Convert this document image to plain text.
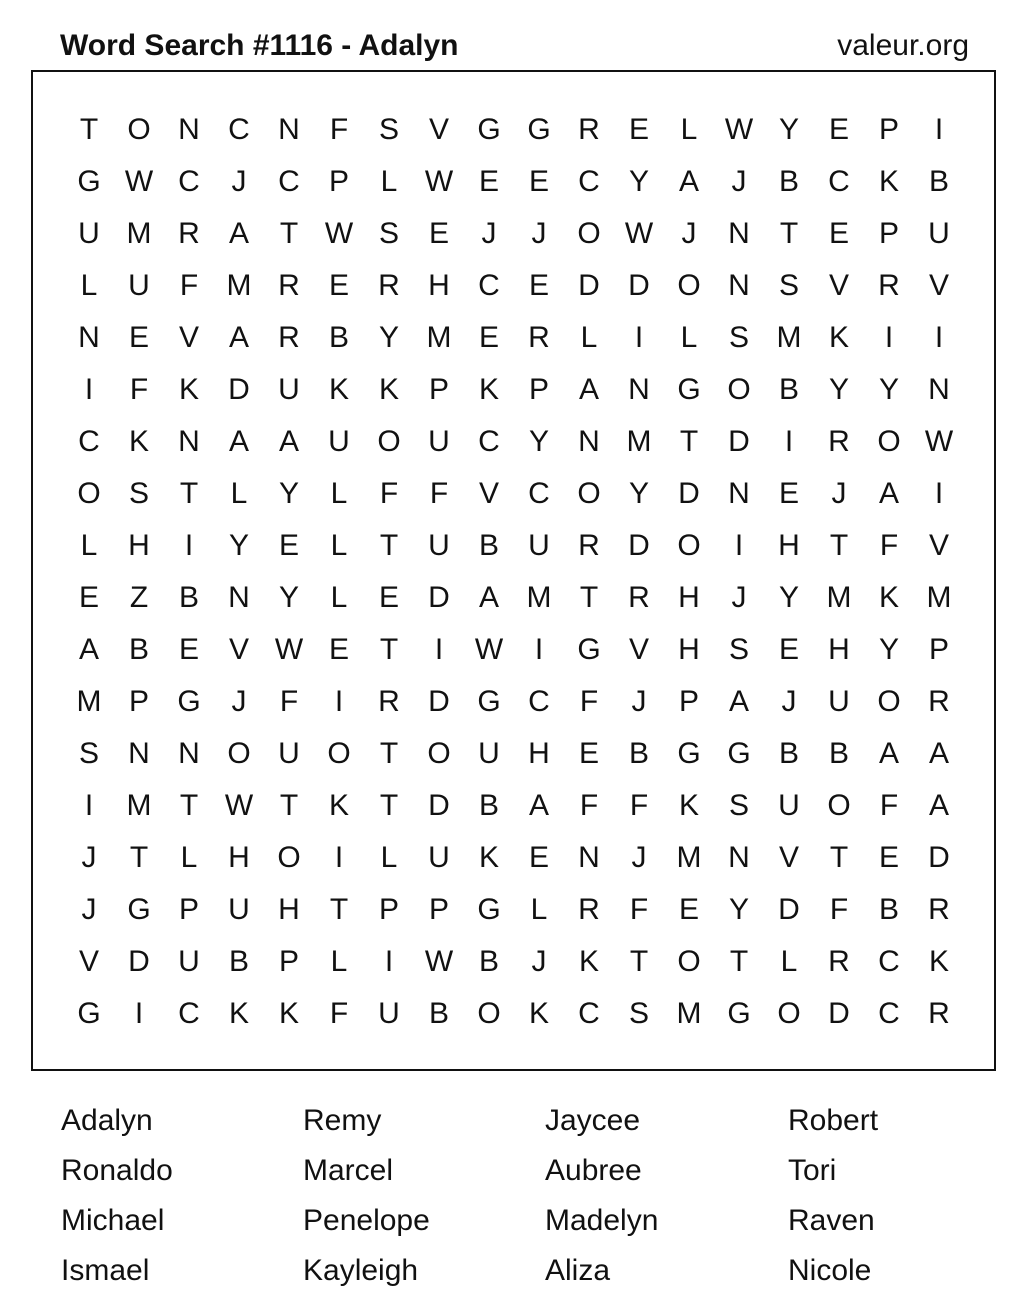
Word Search #1116 - Adalyn	valeur.org
T O N C N	F	S V G G R E	L W Y E P	I
G W C	J	C P	L W E E C Y A	J	B C K B
U M R A	T W S E	J	J	O W J	N	T	E P U
L	U	F M R E R H C E D D O N S V R V
N E V A R B Y M E R	L	I	L	S M K	I	I
I	F	K D U K K P K P A N G O B Y Y N
C K N A A U O U C Y N M T	D	I	R O W
O S	T	L	Y	L	F	F	V C O Y D N E	J	A	I
L	H	I	Y E	L	T	U B U R D O	I	H	T	F	V
E	Z	B N Y	L	E D A M T	R H	J	Y M K M
A B E V W E	T	I	W	I	G V H S E H Y P
M P G	J	F	I	R D G C	F	J	P A	J	U O R
S N N O U O T O U H E B G G B B A A
I	M T W T	K	T	D B A	F	F	K S U O F	A
J	T	L	H O	I	L	U K E N	J	M N V	T	E D
J	G P U H	T	P P G L	R	F	E Y D	F	B R
V D U B P	L	I	W B	J	K	T O T	L	R C K
G	I	C K K	F	U B O K C S M G O D C R
Adalyn	Remy	Jaycee	Robert
Ronaldo	Marcel	Aubree	Tori
Michael	Penelope	Madelyn	Raven
Ismael	Kayleigh	Aliza	Nicole
